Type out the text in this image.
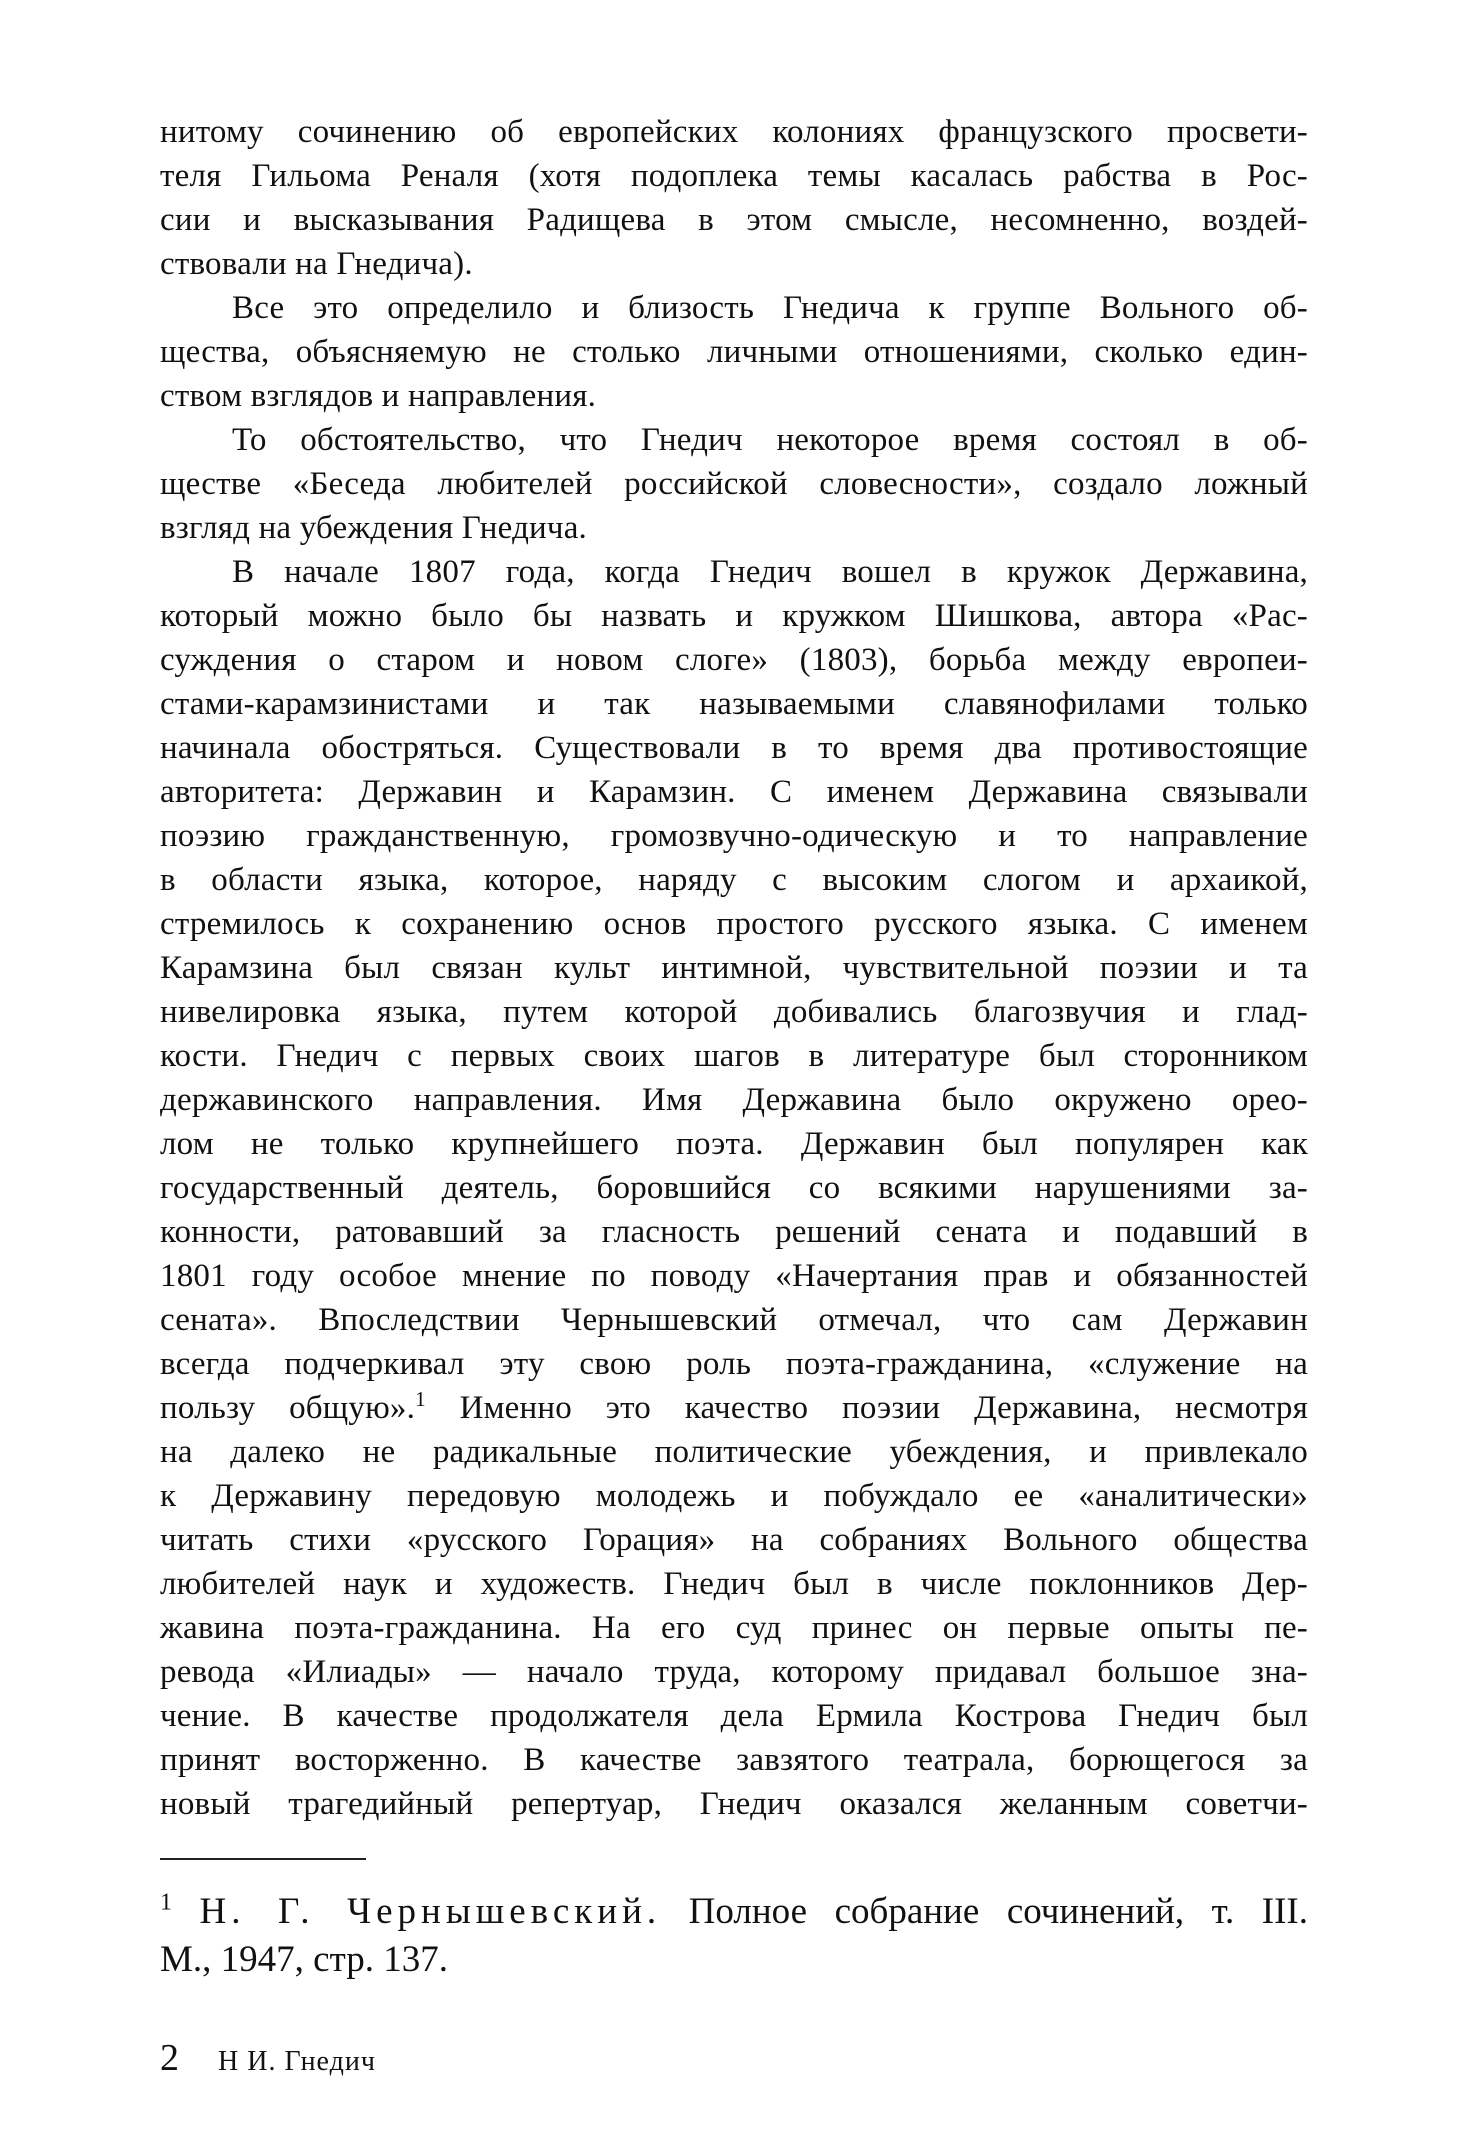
нитому сочинению об европейских колониях французского просвети-
теля Гильома Реналя (хотя подоплека темы касалась рабства в Рос-
сии и высказывания Радищева в этом смысле, несомненно, воздей-
ствовали на Гнедича).
Все это определило и близость Гнедича к группе Вольного об-
щества, объясняемую не столько личными отношениями, сколько един-
ством взглядов и направления.
То обстоятельство, что Гнедич некоторое время состоял в об-
ществе «Беседа любителей российской словесности», создало ложный
взгляд на убеждения Гнедича.
В начале 1807 года, когда Гнедич вошел в кружок Державина,
который можно было бы назвать и кружком Шишкова, автора «Рас-
суждения о старом и новом слоге» (1803), борьба между европеи-
стами-карамзинистами и так называемыми славянофилами только
начинала обостряться. Существовали в то время два противостоящие
авторитета: Державин и Карамзин. С именем Державина связывали
поэзию гражданственную, громозвучно-одическую и то направление
в области языка, которое, наряду с высоким слогом и архаикой,
стремилось к сохранению основ простого русского языка. С именем
Карамзина был связан культ интимной, чувствительной поэзии и та
нивелировка языка, путем которой добивались благозвучия и глад-
кости. Гнедич с первых своих шагов в литературе был сторонником
державинского направления. Имя Державина было окружено орео-
лом не только крупнейшего поэта. Державин был популярен как
государственный деятель, боровшийся со всякими нарушениями за-
конности, ратовавший за гласность решений сената и подавший в
1801 году особое мнение по поводу «Начертания прав и обязанностей
сената». Впоследствии Чернышевский отмечал, что сам Державин
всегда подчеркивал эту свою роль поэта-гражданина, «служение на
пользу общую».$^1$ Именно это качество поэзии Державина, несмотря
на далеко не радикальные политические убеждения, и привлекало
к Державину передовую молодежь и побуждало ее «аналитически»
читать стихи «русского Горация» на собраниях Вольного общества
любителей наук и художеств. Гнедич был в числе поклонников Дер-
жавина поэта-гражданина. На его суд принес он первые опыты пе-
ревода «Илиады» — начало труда, которому придавал большое зна-
чение. В качестве продолжателя дела Ермила Кострова Гнедич был
принят восторженно. В качестве завзятого театрала, борющегося за
новый трагедийный репертуар, Гнедич оказался желанным советчи-
$^1$ Н. Г. Чернышевский. Полное собрание сочинений, т. III.
М., 1947, стр. 137.
2 Н И. Гнедич
